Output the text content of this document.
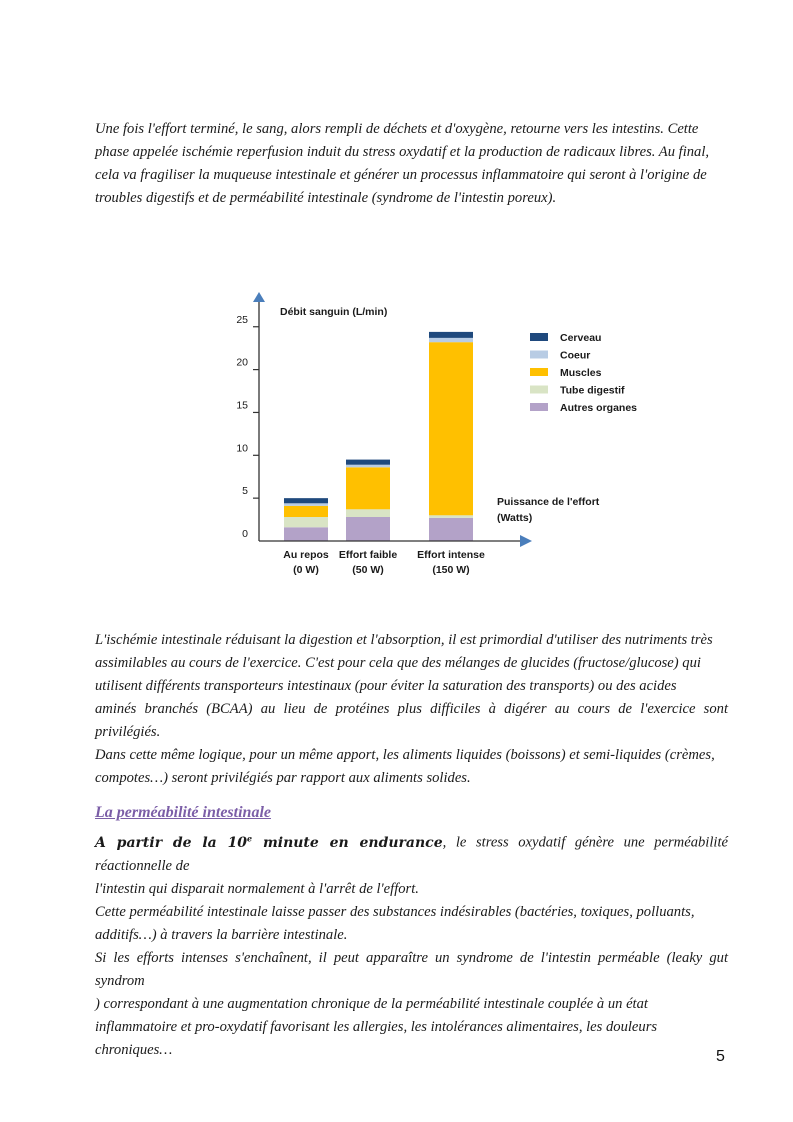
Une fois l'effort terminé, le sang, alors rempli de déchets et d'oxygène, retourne vers les intestins. Cette
phase appelée ischémie reperfusion induit du stress oxydatif et la production de radicaux libres. Au final,
cela va fragiliser la muqueuse intestinale et générer un processus inflammatoire qui seront à l'origine de
troubles digestifs et de perméabilité intestinale (syndrome de l'intestin poreux).

0
5
10
15
20
25
Débit sanguin (L/min)
Puissance de l'effort
(Watts)
Au repos
(0 W)
Effort faible
(50 W)
Effort intense
(150 W)
Cerveau
Coeur
Muscles
Tube digestif
Autres organes
La perméabilité intestinale

A partir de la 10e minute en endurance, le stress oxydatif génère une perméabilité réactionnelle de
l'intestin qui disparait normalement à l'arrêt de l'effort.
Cette perméabilité intestinale laisse passer des substances indésirables (bactéries, toxiques, polluants,
additifs…) à travers la barrière intestinale.
Si les efforts intenses s'enchaînent, il peut apparaître un syndrome de l'intestin perméable (leaky gut syndrom
) correspondant à une augmentation chronique de la perméabilité intestinale couplée à un état
inflammatoire et pro-oxydatif favorisant les allergies, les intolérances alimentaires, les douleurs
chroniques…

L'ischémie intestinale réduisant la digestion et l'absorption, il est primordial d'utiliser des nutriments très
assimilables au cours de l'exercice. C'est pour cela que des mélanges de glucides (fructose/glucose) qui
utilisent différents transporteurs intestinaux (pour éviter la saturation des transports) ou des acides
aminés branchés (BCAA) au lieu de protéines plus difficiles à digérer au cours de l'exercice sont privilégiés.
Dans cette même logique, pour un même apport, les aliments liquides (boissons) et semi-liquides (crèmes,
compotes…) seront privilégiés par rapport aux aliments solides.

5
